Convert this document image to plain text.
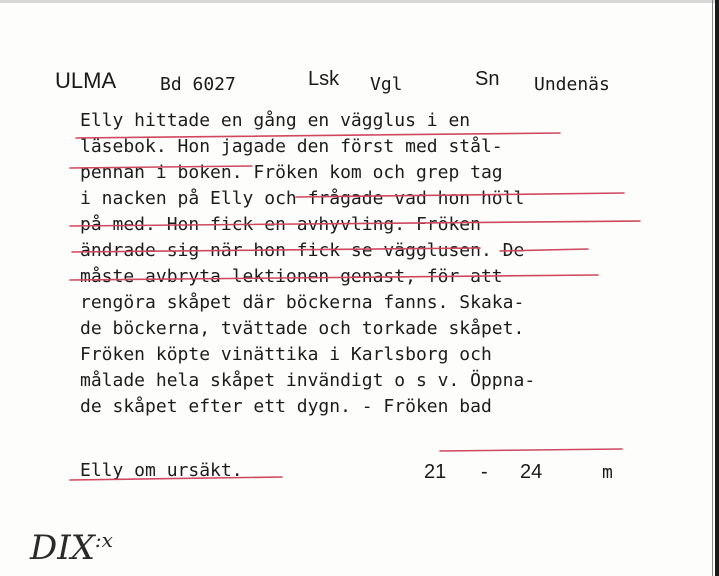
ULMA Bd 6027	Lsk Vgl	Sn Undenäs
Elly hittade en gång en vägglus i en
läsebok. Hon jagade den först med stål-
pennan i boken. Fröken kom och grep tag
i nacken på Elly och frågade vad hon höll
på med. Hon fick en avhyvling. Fröken
ändrade sig när hon fick se vägglusen. De
måste avbryta lektionen genast, för att
rengöra skåpet där böckerna fanns. Skaka-
de böckerna, tvättade och torkade skåpet.
Fröken köpte vinättika i Karlsborg och
målade hela skåpet invändigt o s v. Öppna-
de skåpet efter ett dygn. - Fröken bad
Elly om ursäkt.	21 - 24	m
$DIX^{:x}$
